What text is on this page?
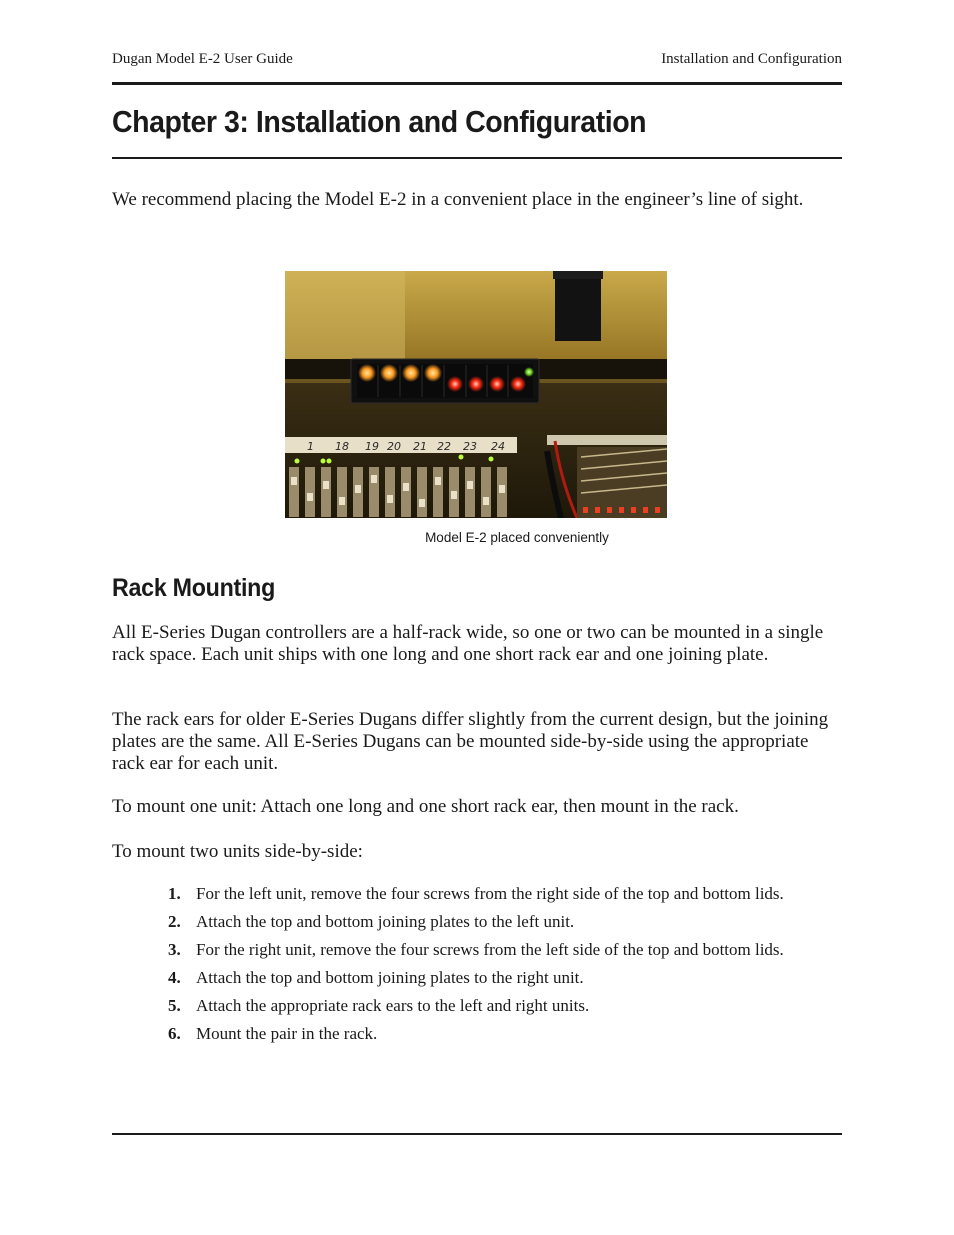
Dugan Model E-2 User Guide	Installation and Configuration
Chapter 3: Installation and Configuration

We recommend placing the Model E-2 in a convenient place in the engineer’s line of sight.

1 18 19 20 21 22 23 24
Model E-2 placed conveniently
Rack Mounting

All E-Series Dugan controllers are a half-rack wide, so one or two can be mounted in a single rack space. Each unit ships with one long and one short rack ear and one joining plate.

The rack ears for older E-Series Dugans differ slightly from the current design, but the joining plates are the same. All E-Series Dugans can be mounted side-by-side using the appropriate rack ear for each unit.

To mount one unit: Attach one long and one short rack ear, then mount in the rack.

To mount two units side-by-side:

1. For the left unit, remove the four screws from the right side of the top and bottom lids.
2. Attach the top and bottom joining plates to the left unit.
3. For the right unit, remove the four screws from the left side of the top and bottom lids.
4. Attach the top and bottom joining plates to the right unit.
5. Attach the appropriate rack ears to the left and right units.
6. Mount the pair in the rack.
